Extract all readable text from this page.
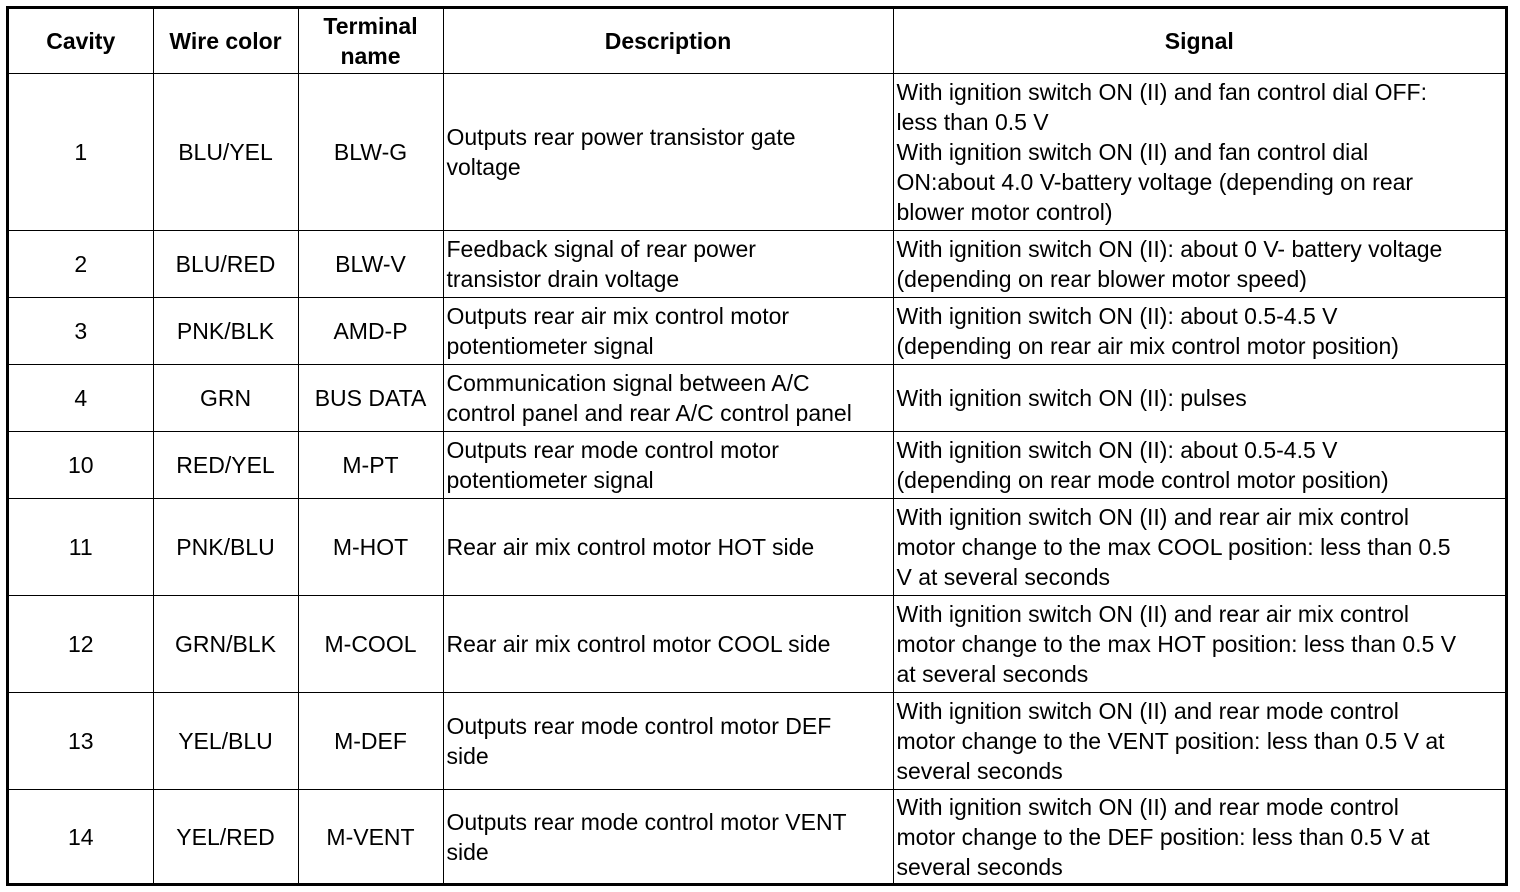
Cavity	Wire color	Terminal
name	Description	Signal
1	BLU/YEL	BLW-G	Outputs rear power transistor gate
voltage	With ignition switch ON (II) and fan control dial OFF:
less than 0.5 V
With ignition switch ON (II) and fan control dial
ON:about 4.0 V-battery voltage (depending on rear
blower motor control)

2	BLU/RED	BLW-V	Feedback signal of rear power
transistor drain voltage	With ignition switch ON (II): about 0 V- battery voltage
(depending on rear blower motor speed)

3	PNK/BLK	AMD-P	Outputs rear air mix control motor
potentiometer signal	With ignition switch ON (II): about 0.5-4.5 V
(depending on rear air mix control motor position)

4	GRN	BUS DATA	Communication signal between A/C
control panel and rear A/C control panel	With ignition switch ON (II): pulses

10	RED/YEL	M-PT	Outputs rear mode control motor
potentiometer signal	With ignition switch ON (II): about 0.5-4.5 V
(depending on rear mode control motor position)

11	PNK/BLU	M-HOT	Rear air mix control motor HOT side	With ignition switch ON (II) and rear air mix control
motor change to the max COOL position: less than 0.5
V at several seconds

12	GRN/BLK	M-COOL	Rear air mix control motor COOL side	With ignition switch ON (II) and rear air mix control
motor change to the max HOT position: less than 0.5 V
at several seconds

13	YEL/BLU	M-DEF	Outputs rear mode control motor DEF
side	With ignition switch ON (II) and rear mode control
motor change to the VENT position: less than 0.5 V at
several seconds

14	YEL/RED	M-VENT	Outputs rear mode control motor VENT
side	With ignition switch ON (II) and rear mode control
motor change to the DEF position: less than 0.5 V at
several seconds
